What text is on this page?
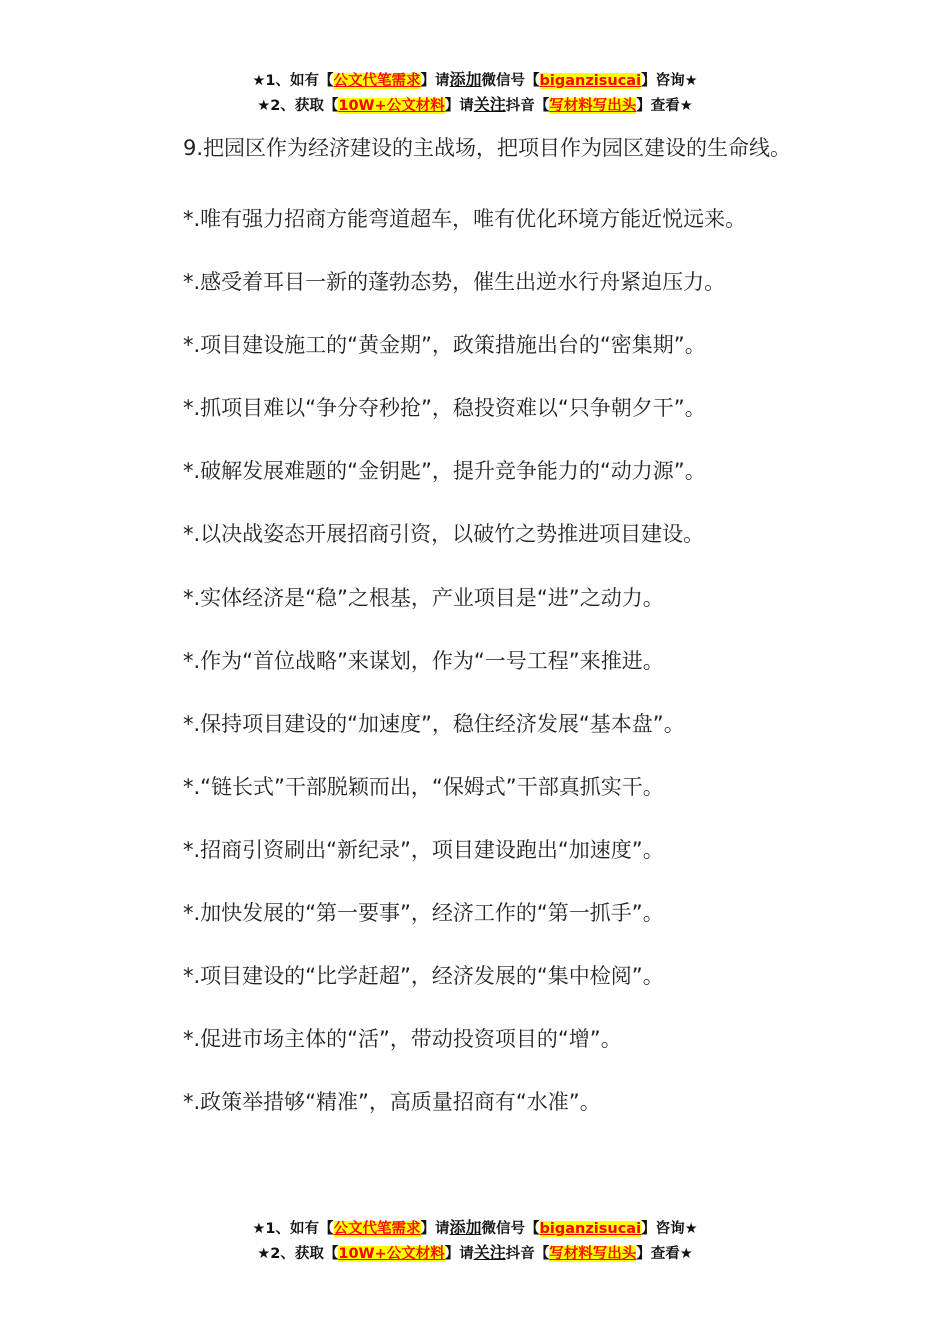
★1、如有【公文代笔需求】请添加微信号【biganzisucai】咨询★
★2、获取【10W+公文材料】请关注抖音【写材料写出头】查看★

9.把园区作为经济建设的主战场，把项目作为园区建设的生命线。

*.唯有强力招商方能弯道超车，唯有优化环境方能近悦远来。

*.感受着耳目一新的蓬勃态势，催生出逆水行舟紧迫压力。

*.项目建设施工的“黄金期”，政策措施出台的“密集期”。

*.抓项目难以“争分夺秒抢”，稳投资难以“只争朝夕干”。

*.破解发展难题的“金钥匙”，提升竞争能力的“动力源”。

*.以决战姿态开展招商引资，以破竹之势推进项目建设。

*.实体经济是“稳”之根基，产业项目是“进”之动力。

*.作为“首位战略”来谋划，作为“一号工程”来推进。

*.保持项目建设的“加速度”，稳住经济发展“基本盘”。

*.“链长式”干部脱颖而出，“保姆式”干部真抓实干。

*.招商引资刷出“新纪录”，项目建设跑出“加速度”。

*.加快发展的“第一要事”，经济工作的“第一抓手”。

*.项目建设的“比学赶超”，经济发展的“集中检阅”。

*.促进市场主体的“活”，带动投资项目的“增”。

*.政策举措够“精准”，高质量招商有“水准”。

★1、如有【公文代笔需求】请添加微信号【biganzisucai】咨询★
★2、获取【10W+公文材料】请关注抖音【写材料写出头】查看★
